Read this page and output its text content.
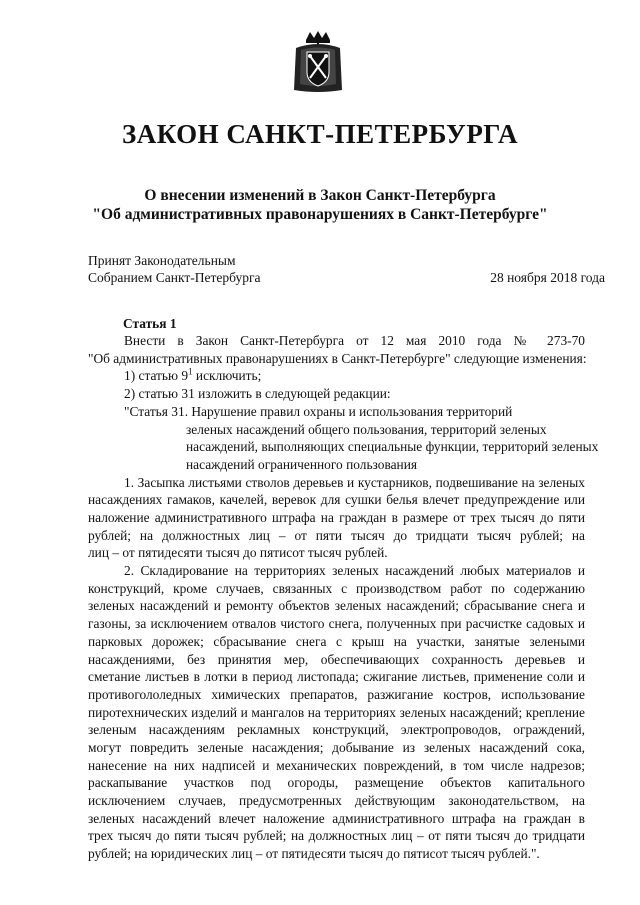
ЗАКОН САНКТ-ПЕТЕРБУРГА
О внесении изменений в Закон Санкт-Петербурга
"Об административных правонарушениях в Санкт-Петербурге"
Принят Законодательным
Собранием Санкт-Петербурга	28 ноября 2018 года
Статья 1
Внести в Закон Санкт-Петербурга от 12 мая 2010 года № 273-70
"Об административных правонарушениях в Санкт-Петербурге" следующие изменения:
1) статью $9^1$ исключить;
2) статью 31 изложить в следующей редакции:
"Статья 31. Нарушение правил охраны и использования территорий
зеленых насаждений общего пользования, территорий зеленых
насаждений, выполняющих специальные функции, территорий зеленых
насаждений ограниченного пользования
1. Засыпка листьями стволов деревьев и кустарников, подвешивание на зеленых
насаждениях гамаков, качелей, веревок для сушки белья влечет предупреждение или
наложение административного штрафа на граждан в размере от трех тысяч до пяти
рублей; на должностных лиц – от пяти тысяч до тридцати тысяч рублей; на
лиц – от пятидесяти тысяч до пятисот тысяч рублей.
2. Складирование на территориях зеленых насаждений любых материалов и
конструкций, кроме случаев, связанных с производством работ по содержанию
зеленых насаждений и ремонту объектов зеленых насаждений; сбрасывание снега и
газоны, за исключением отвалов чистого снега, полученных при расчистке садовых и
парковых дорожек; сбрасывание снега с крыш на участки, занятые зелеными
насаждениями, без принятия мер, обеспечивающих сохранность деревьев и
сметание листьев в лотки в период листопада; сжигание листьев, применение соли и
противогололедных химических препаратов, разжигание костров, использование
пиротехнических изделий и мангалов на территориях зеленых насаждений; крепление
зеленым насаждениям рекламных конструкций, электропроводов, ограждений,
могут повредить зеленые насаждения; добывание из зеленых насаждений сока,
нанесение на них надписей и механических повреждений, в том числе надрезов;
раскапывание участков под огороды, размещение объектов капитального
исключением случаев, предусмотренных действующим законодательством, на
зеленых насаждений влечет наложение административного штрафа на граждан в
трех тысяч до пяти тысяч рублей; на должностных лиц – от пяти тысяч до тридцати
рублей; на юридических лиц – от пятидесяти тысяч до пятисот тысяч рублей.".
